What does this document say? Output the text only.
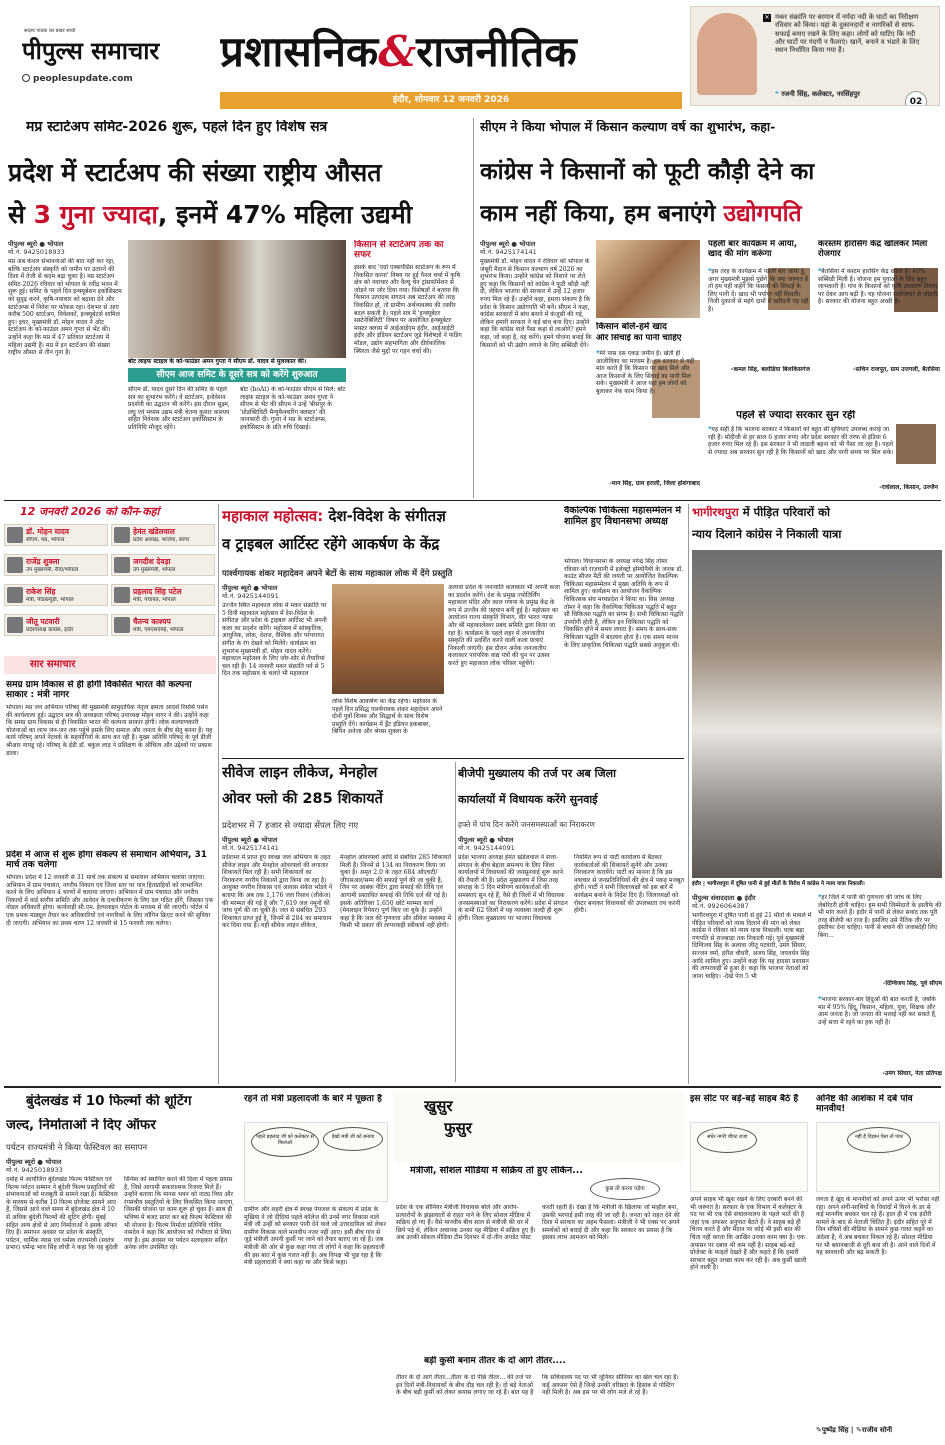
सदस्य पाठक का प्रखर साथी
पीपुल्स समाचार
peoplesupdate.com
प्रशासनिक&राजनीतिक
इंदौर, सोमवार 12 जनवरी 2026
✕ मकर संक्रांति पर बरमान में नर्मदा नदी के घाटों का निरीक्षण रविवार को किया। यहां के दुकानदारों व नागरिकों से साफ-सफाई बनाए रखने के लिए कहा। लोगों को घाटिए कि नदी और घाटों पर गंदगी न फैलाएं। खानें, बनाने व भंडारे के लिए स्थान निर्धारित किया गया है।
❝ रजनी सिंह, कलेक्टर, नरसिंहपुर
02
मप्र स्टार्टअप समिट-2026 शुरू, पहले दिन हुए विशेष सत्र
प्रदेश में स्टार्टअप की संख्या राष्ट्रीय औसत
से 3 गुना ज्यादा, इनमें 47% महिला उद्यमी
पीपुल्स ब्यूरो ● भोपाल
मो.नं. 9425018933
मप्र अब केवल संभावनाओं की बात नहीं कर रहा, बल्कि स्टार्टअप संस्कृति को जमीन पर उतारने की दिशा में तेजी से कदम बढ़ा चुका है। मप्र स्टार्टअप समिट-2026 रविवार को भोपाल के रवींद्र भवन में शुरू हुई। समिट के पहले दिन इन्क्यूबेशन इकोसिस्टम को सुदृढ़ करने, कृषि-नवाचार को बढ़ावा देने और स्टार्टअप्स में निवेश पर फोकस रहा। देशभर से आए करीब 500 स्टार्टअप, निवेशकों, इन्क्यूबेटर्स शामिल हुए। इधर, मुख्यमंत्री डॉ. मोहन यादव ने ओट स्टार्टअप के को-फाउंडर अमन गुप्ता से भेंट की। उन्होंने कहा कि मप्र में 47 प्रतिशत स्टार्टअप में महिला उद्यमी हैं। मप्र में इन स्टार्टअप की संख्या राष्ट्रीय औसत से तीन गुना है।
बोट लाइफ स्टाइल के को-फाउंडर अमन गुप्ता ने सीएम डॉ. यादव से मुलाकात की।
सीएम आज समिट के दूसरे सत्र को करेंगे शुरुआत
सीएम डॉ. यादव दूसरे दिन की समिट के पहले सत्र का शुभारंभ करेंगे। वे स्टार्टअप, इनोवेशन प्रदर्शनी का उद्घाटन भी करेंगे। इस दौरान सूक्ष्म, लघु एवं मध्यम उद्यम मंत्री चेतन्य कुमार काश्यप सहित निवेशक और स्टार्टअप इकोसिस्टम के प्रतिनिधि मौजूद रहेंगे।
बोट (boAt) के को-फाउंडर सीएम से मिले: बोट लाइफ स्टाइल के को-फाउंडर अमन गुप्ता ने सीएम से भेंट की सीएम ने उन्हें 'बीसपुर के 'प्रोडक्टिविटी मैन्युफैक्चरिंग क्लस्टर' की जानकारी दी। गुप्ता ने मप्र के स्टार्टअप्स, इकोसिस्टम के प्रति रुचि दिखाई।
किसान से स्टार्टअप तक का सफर
इसके बाद 'एग्रो एक्सपीडेंस स्टार्टअप के रूप में विकसित करना' विषय पर हुई पैनल चर्चा में कृषि क्षेत्र को नवाचार और वैल्यू चेन ट्रांसफॉर्मेशन से जोड़ने पर जोर दिया गया। विशेषज्ञों ने बताया कि किसान उत्पादक संगठन अब स्टार्टअप की तरह विकसित हो, तो ग्रामीण अर्थव्यवस्था की तस्वीर बदल सकती है। पहले सत्र में 'इन्क्यूबेटर सस्टेनेबिलिटी' विषय पर आयोजित इन्क्यूबेटर मास्टर क्लास में आईआईएम इंदौर, आईआईटी इंदौर और इंडियन स्टार्टअप जुड़े विशेषज्ञों ने फंडिंग मॉडल, उद्योग सहभागिता और दीर्घकालिक स्थिरता जैसे मुद्दों पर गहन चर्चा की।
सीएम ने किया भोपाल में किसान कल्याण वर्ष का शुभारंभ, कहा-
कांग्रेस ने किसानों को फूटी कौड़ी देने का
काम नहीं किया, हम बनाएंगे उद्योगपति
पीपुल्स ब्यूरो ● भोपाल
मो.नं. 9425174141
मुख्यमंत्री डॉ. मोहन यादव ने रविवार को भोपाल के जंबूरी मैदान से किसान कल्याण वर्ष 2026 का शुभारंभ किया। उन्होंने कांग्रेस को निशाने पर लेते हुए कहा कि किसानों को कांग्रेस ने फूटी कौड़ी नहीं दी, लेकिन भाजपा की सरकार में उन्हें 12 हजार रुपए मिल रहे हैं। उन्होंने कहा, हमारा संकल्प है कि प्रदेश के किसान उद्योगपति भी बनें। सीएम ने कहा, कांग्रेस सरकारों में बांध बनाने में कंजूसी की गई, लेकिन हमारी सरकार ने कई बांध बना दिए। उन्होंने कहा कि कांग्रेस वाले पैसा कहां से लाओगे? हमने कहा, जो कहा है, वह करेंगे। हमने योजना बनाई कि किसानों को भी उद्योग लगाने के लिए सब्सिडी देंगे।
किसान बोले-हमें खाद
और सिंचाई का पानी चाहिए
❝मेरे पास दस एकड़ जमीन है। खेती ही आजीविका का माध्यम है। हम सरकार से यही मांग करते हैं कि किसान पर खाद मिले और आज किसानों के लिए सिंचाई का पानी मिल सके। मुख्यमंत्री ने आज यहां हम लोगों को बुलाकर नेक काम किया है।
-मान सिंह, ग्राम हराली, जिला होशंगाबाद
पहली बार कार्यक्रम में आया, खाद की मांग करूंगा
❝इस तरह के कार्यक्रम में पहली बार आया हूं, अगर मुख्यमंत्री मुझसे पूछेंगे कि क्या जरूरत है तो हम यही कहेंगे कि फसलों की सिंचाई के लिए पानी दें। खाद भी पर्याप्त नहीं मिलती। निजी दुकानों से महंगे दामों में खरीदनी पड़ रही है।
-कमल सिंह, बलोडिया बिलकिसगंज
करस्तम हारसिंग केंद्र खोलकर मिला रोजगार
❝बैतसिया में कस्टम हारसिंग केंद्र खोला है। 40% सब्सिडी मिली है। योजना हम युवाओं के लिए बहुत लाभकारी है। गांव के किसानों को कृषि उपकरण किराए पर देकर आय बढ़ी है। यह योजना स्वरोजगार से जोड़ती है। सरकार की योजना बहुत अच्छी है।
-सचिन राजपूत, ग्राम उत्तगली, बैतसिया
पहले से ज्यादा सरकार सुन रही
❝यह सही है कि भाजपा सरकार ने किसानों को बहुत सी सुविधाएं उपलब्ध कराई जा रही हैं। मोदीजी से हर साल 6 हजार रुपए और प्रदेश सरकार की तरफ से इंडिया 6 हजार रुपए मिल रहे हैं। इस सरकार ने भी लाडली बहना को भी पैसा जा रहा है। पहले से ज्यादा अब सरकार सुन रही है कि किसानों को खाद और पानी समय पर मिल सके।
-राधेलाल, किसान, उज्जैन
12 जनवरी 2026 को कौन-कहां
डॉ. मोहन यादव
सीएम, मप्र, भोपाल
हेमंत खंडेलवाल
प्रदेश अध्यक्ष, भाजपा, सागर
राजेंद्र शुक्ला
उप मुख्यमंत्री, रीवा/भोपाल
जगदीश देवड़ा
उप मुख्यमंत्री, भोपाल
राकेश सिंह
मंत्री, पीडब्ल्यूडी, भोपाल
प्रहलाद सिंह पटेल
मंत्री, पंचायत, भोपाल
जीतू पटवारी
प्रदेशाध्यक्ष कांग्रेस, इंदौर
चैतन्य काश्यप
मंत्री, एमएसएमई, भोपाल
सार समाचार
समग्र ग्राम विकास से ही होगी विकसित भारत की कल्पना साकार : मंत्री नागर
भोपाल। मप्र जन अभियान परिषद् की मुख्यमंत्री सामुदायिक नेतृत्व क्षमता आदर्श रिसोर्स पर्सन की कार्यशाला हुई। उद्घाटन सत्र की अध्यक्षता परिषद् उपाध्यक्ष मोहन नागर ने की। उन्होंने कहा कि समग्र ग्राम विकास से ही विकसित भारत की कल्पना साकार होगी। लोक कल्याणकारी योजनाओं का लाभ जन-जन तक पहुंचे इसके लिए समाज और जनता के बीच सेतु बनना है। यह कार्य परिषद् अपने नेटवर्क के सहयोगियों के साथ कर रही है। मुख्य अतिथि परिषद् के पूर्व डीजी श्रीआर नायडू रहे। परिषद् के ईडी डॉ. बकुल लाड़ ने प्रशिक्षण के औचित्य और उद्देश्यों पर प्रकाश डाला।
प्रदेश में आज से शुरू होगा संकल्प से समाधान अभियान, 31 मार्च तक चलेगा
भोपाल। प्रदेश में 12 जनवरी से 31 मार्च तक संकल्प से समाधान अभियान चलाया जाएगा। अभियान में ग्राम पंचायत, नगरीय निकाय एवं जिला स्तर पर पात्र हितग्राहियों को लाभान्वित करने के लिए अभियान 4 चरणों में चलाया जाएगा। अभियान में ग्राम पंचायत और नगरीय निकायों में वार्ड स्तरीय समिति और आवेदन के एकत्रीकरण के लिए दल गठित होंगे, जिसका एक नोडल अधिकारी होगा। कार्यवाही सी.एम. हेल्पलाइन पोर्टल के माध्यम से की जाएगी। पोर्टल में एक प्रथक माड्यूल तैयार कर अधिकारियों एवं नागरिकों के लिए लॉगिन क्रिएट करने की सुविधा दी जाएगी। अभियान का प्रथम चरण 12 जनवरी से 15 फरवरी तक चलेगा।
महाकाल महोत्सव: देश-विदेश के संगीतज्ञ
व ट्राइबल आर्टिस्ट रहेंगे आकर्षण के केंद्र
पार्श्वगायक शंकर महादेवन अपने बेटों के साथ महाकाल लोक में देंगे प्रस्तुति
पीपुल्स ब्यूरो ● भोपाल
मो.नं. 9425144091
उज्जैन स्थित महाकाल लोक में मकर संक्रांति पर 5 दिनी महाकाल महोत्सव में देश-विदेश के संगीतज्ञ और प्रदेश के ट्राइबल आर्टिस्ट भी अपनी कला का प्रदर्शन करेंगे। महोत्सव में सांस्कृतिक, आधुनिक, लोक, देशज, वैश्विक और परंपरागत संगीत के रंग देखने को मिलेंगे। कार्यक्रम का शुभारंभ मुख्यमंत्री डॉ. मोहन यादव करेंगे। महाकाल महोत्सव के लिए जोर-शोर से तैयारियां चल रही हैं। 14 जनवरी मकर संक्रांति पर्व से 5 दिन तक महोत्सव के चलते भी महाकाल
लोक विशेष आकर्षण का केंद्र रहेगा। महोत्सव के पहले दिन प्रसिद्ध पार्श्वगायक शंकर महादेवन अपने दोनों पुत्रों शिवम और सिद्धार्थ के साथ विशेष प्रस्तुति देंगे। कार्यक्रम में ड्रैंट इंडियन इकबाबर, बिपिन अनेजा और श्रेयस शुक्ला के
अलावा प्रदेश के जनजाति कलाकार भी अपनी कला का प्रदर्शन करेंगे। देश के प्रमुख ज्योतिर्लिंग महाकाल मंदिर और काल गणना के प्रमुख केंद्र के रूप में उज्जैन की पहचान बनी हुई है। महोत्सव का आयोजन राज्य संस्कृति विभाग, वीर भारत न्यास और श्री महाकालेश्वर प्रबंध समिति द्वारा किया जा रहा है। कार्यक्रम के पहले शहर में जनजातीय संस्कृति की प्रदर्शित करने वाली कला यात्राएं निकाली जाएंगी। इस दौरान अनेक जनजातीय कलाकार पारंपरिक वाद्य यंत्रों की धुन पर उत्सव करते हुए महाकाल लोक परिसर पहुंचेंगे।
वैकल्पिक चिकित्सा महासम्मेलन में शामिल हुए विधानसभा अध्यक्ष
भोपाल। विधानसभा के अध्यक्ष नरेन्द्र सिंह तोमर रविवार को राजधानी में इलेक्ट्रो होम्योपैथी के जनक डॉ. काउंट सीजर मैटी की जयंती पर आयोजित वैकल्पिक चिकित्सा महासम्मेलन में मुख्य अतिथि के रूप में शामिल हुए। कार्यक्रम का आयोजन वैकल्पिक चिकित्सक संघ मध्यप्रदेश ने किया था। विस अध्यक्ष तोमर ने कहा कि वैकल्पिक चिकित्सा पद्धति में बहुत सी चिकित्सा पद्धति का संगम है। सभी चिकित्सा पद्धति उपयोगी होती है, लेकिन इन चिकित्सा पद्धति को विकसित होने में समय लगता है। समय के साथ-साथ चिकित्सा पद्धति में बदलाव होता है। एक समय मानव के लिए प्राकृतिक चिकित्सा पद्धति सबसे अनुकूल थी।
भागीरथपुरा में पीड़ित परिवारों को
न्याय दिलाने कांग्रेस ने निकाली यात्रा
इंदौर | भागीरथपुरा में दूषित पानी से हुई मौतों के विरोध में कांग्रेस ने न्याय यात्रा निकाली।
पीपुल्स संवाददाता ● इंदौर
मो.नं. 9926064387
भागीरथपुरा में दूषित पानी से हुई 21 मौतों के मामले में पीड़ित परिवारों को न्याय दिलाने की मांग को लेकर कांग्रेस ने रविवार को न्याय यात्रा निकाली। यात्रा बड़ा गणपति से राजबाड़ा तक निकाली गई। पूर्व मुख्यमंत्री दिग्विजय सिंह के अलावा जीतू पटवारी, उमंग सिंघार, सज्जन वर्मा, हरीश चौधरी, अजय सिंह, जयवर्धन सिंह आदि शामिल हुए। उन्होंने कहा कि यह हादसा प्रशासन की लापरवाही से हुआ है। कहा कि भाजपा नेताओं को जाना चाहिए। -देखें पेज 5 भी
❝हर जिले में पानी की गुणवत्ता की जांच के लिए लेबोरेटरी होनी चाहिए। हम सभी जिम्मेदारों के इस्तीफे की भी मांग करते हैं। इंदौर में पानी से लेकर सवाद तक पूरी तरह बीजेपी का राज है। इसलिए उसे नैतिक तौर पर इस्तीफा देना चाहिए। पानी से बचाने की जवाबदेही लिए बिना...
-दिग्विजय सिंह, पूर्व सीएम
❝भाजपा सरकार-बार हिंदुओं की बात करती है, जबकि मप्र में 95% हिंदू, किसान, महिला, युवा, शिक्षक और आम जनता है। जो जनता की भलाई नहीं कर सकते हैं, उन्हें सत्ता में रहने का हक नहीं है।
-उमंग सिंघार, नेता प्रतिपक्ष
सीवेज लाइन लीकेज, मेनहोल
ओवर फ्लो की 285 शिकायतें
प्रदेशभर में 7 हजार से ज्यादा सेंपल लिए गए
पीपुल्स ब्यूरो ● भोपाल
मो.नं. 9425174141
प्रदेशभर में प्राप्त हुए स्वच्छ जल अभियान के तहत सीवेज लाइन और मेनहोल ओवरफ्लो की लगातार शिकायतें मिल रही हैं। सभी शिकायतों का निराकरण नगरीय निकायों द्वारा किया जा रहा है। आयुक्त नगरीय विकास एवं आवास संकेत भोंडवे ने बताया कि अब तक 1,176 जल रिसाव (लीकेज) की मरम्मत की गई है और 7,619 जल नमूनों की जांच पूर्ण की जा चुकी है। जल से संबंधित 293 शिकायत प्राप्त हुई है, जिनमें से 284 का समाधान कर दिया गया है। वहीं सीवेज लाइन लीकेज, मेनहोल ओवरफ्लो आदि से संबंधित 285 शिकायतें मिली हैं। जिनमें से 134 का निराकरण किया जा चुका है। अमृत 2.0 के तहत 684 ओएचटी/जीएसआर/सम्प की सफाई पूर्ण की जा चुकी है, जिन पर आबंक पेंटिंग द्वारा सफाई की तिथि एवं आगामी प्रस्तावित सफाई की तिथि दर्ज की गई है। इसके अतिरिक्त 1,650 छोटे मरम्मत कार्य (मेनलाइन रिपेयर) पूर्ण किए जा चुके हैं। उन्होंने कहा है कि जल की गुणवत्ता और सीवेज व्यवस्था में किसी भी प्रकार की लापरवाही स्वीकार्य नहीं होगी।
बीजेपी मुख्यालय की तर्ज पर अब जिला
कार्यालयों में विधायक करेंगे सुनवाई
हफ्ते में पांच दिन करेंगे जनसमस्याओं का निराकरण
पीपुल्स ब्यूरो ● भोपाल
मो.नं. 9425144091
प्रदेश भाजपा अध्यक्ष हेमंत खंडेलवाल ने सत्ता-संगठन के बीच बेहतर समन्वय के लिए जिला कार्यालयों में विधायकों की जनसुनवाई शुरू करने की तैयारी की है। प्रदेश मुख्यालय में जिस तरह सप्ताह के 5 दिन मंत्रीगण कार्यकर्ताओं की समस्याएं सुन रहे हैं, वैसे ही जिलों में भी विधायक जनसमस्याओं का निराकरण करेंगे। प्रदेश में संगठन के सभी 62 जिलों में यह व्यवस्था जल्दी ही शुरू होगी। जिला मुख्यालय पर भाजपा विधायक नियमित रूप से पार्टी कार्यालय में बैठकर कार्यकर्ताओं की शिकायतें सुनेंगे और उनका निराकरण करायेंगे। पार्टी का मानना है कि इस नवाचार से जनप्रतिनिधियों की क्षेत्र में पकड़ मजबूत होगी। पार्टी ने सभी जिलाध्यक्षों को इस बारे में कार्यक्रम बनाने के निर्देश दिए हैं। जिलाध्यक्षों को रोस्टर बनाकर विधायकों की उपलब्धता तय करनी होगी।
बुंदेलखंड में 10 फिल्मों की शूटिंग
जल्द, निर्माताओं ने दिए ऑफर
पर्यटन राज्यमंत्री ने किया फेस्टिवल का समापन
पीपुल्स ब्यूरो ● भोपाल
मो.नं. 9425018933
दमोह में आयोजित बुंदेलखंड फिल्म फेस्टिवल एवं फिल्म पर्यटन सम्मान ने बुंदेली फिल्म प्रस्तुतियों की संभावनाओं को मजबूती से सामने रखा है। फेस्टिवल के माध्यम से करीब 10 फिल्म प्रोजेक्ट सामने आए हैं, जिससे आने वाले समय में बुंदेलखंड क्षेत्र में 10 से अधिक बुंदेली फिल्मों की शूटिंग होगी। मुंबई सहित अन्य क्षेत्रों से आए निर्माताओं ने इसके ऑफर दिए हैं। समापन अवसर पर प्रदेश के संस्कृति, पर्यटन, धार्मिक न्यास एवं धर्मस्व राज्यमंत्री (स्वतंत्र प्रभार) धर्मेन्द्र भाव सिंह लोधी ने कहा कि यह बुंदेली सिनेमा को स्थापित करने की दिशा में पहला प्रयास है, जिसे आगामी सकारात्मक रिजल्ट मिले हैं। उन्होंने बताया कि मानस भवन को नाट्य विधा और रंगमंचीय प्रस्तुतियों के लिए विकसित किया जाएगा, जिसकी योजना पर काम शुरू हो चुका है। साथ ही भविष्य में बजट प्राप्त कर बड़े फिल्म फेस्टिवल की भी योजना है। फिल्म निर्माता प्रतिनिधि गोविंद नामदेव ने कहा कि आयोजन को गंभीरता से लिया गया है। इस अवसर पर पर्यटन सलाहकार सहित अनेक लोग उपस्थित रहे।
रहने तो मंत्री प्रहलादजी के बारे में पूछता है
पहले प्रहलाद जी को कलेक्टर से मिलाओ
देखो मंत्री जी को बनाया
ग्रामीण और शहरी क्षेत्र में स्वच्छ पेयजल के संकल्प में प्रदेश के मुखिया ने जो दीदियां पहले कॉलेज की उनमें नगर विकास वाले मंत्री जी उन्हीं को सरकार पानी देने वाले जो उत्तरदायित्व को लेकर ग्रामीण विकास वाले मानवीय नजर नहीं आए। इसी बीच गांव से जुड़े मंत्रीजी अपनी कुर्सी पर जाने को तैयार बताए जा रहे हैं। जब मंत्रीजी की ओर से कुछ कहा गया तो लोगों ने कहा कि प्रहलादजी की इस बात में कुछ गलत नहीं है। अब विपक्ष भी पूछ रहा है कि मंत्री प्रहलादजी ने क्या कहा था और किसे कहा।
खुसुर
फुसुर
मंत्रीजी, सोशल मीडिया में सक्रिय तो हुए लेकिन...
कुछ तो करना पड़ेगा
प्रदेश के एक सीनियर मंत्रीजी विधायक बोले और आरोप-प्रत्यारोपों के झंझावातों से राहत पाने के लिए सोशल मीडिया में सक्रिय हो गए हैं। वैसे मानवीय बीच साल से मंत्रीजी की घर में छिपे पड़े थे, लेकिन अचानक उनका यह मीडिया में सक्रिय हुए हैं। अब उनकी सोशल मीडिया टीम दिनभर में दो-तीन अपडेट पोस्ट करती रहती है। देखा है कि मंत्रीजी के खिलाफ जो माहौल बना, उसकी भरपाई इसी तरह की जा रही है। जनता को राहत देने की दिशा में सरकार का अहम फैसला। मंत्रीजी ने भी एक्स पर अपने समर्थकों को बधाई दी और कहा कि सरकार का प्रयास है कि इसका लाभ आमजन को मिले।
बड़ी कुर्सी बनाम तीतर के दो आगे तीतर....
तीतर के दो आगे तीतर...तीतर के दो पीछे तीतर... की तर्ज पर इन दिनों मंत्री-विधायकों के बीच दौड़ चल रही है। दो बड़े नेताओं के बीच बड़ी कुर्सी को लेकर कयास लगाए जा रहे हैं। बात यह है कि सचिवालय पद पर भी जूनियर सीनियर का खेल चल रहा है। कई अफसर ऐसे हैं जिन्हें उनकी वरिष्ठता के हिसाब से पोस्टिंग नहीं मिली है। अब इस पर भी लोग मजे ले रहे हैं।
इस सीट पर बड़े-बड़े साहब बैठे हैं
अंधेर नगरी चौपट राजा
अपने साहब भी खुश रखने के लिए दरबारी बनने की भी जरूरत है। सरकार के एक विभाग में कलेक्टर के पद पर भी एक ऐसे संचालनालय के पहले भार्ते की है जहां एक अफसर अनुपात बैठते हैं। वे साहब बड़े ही चिंतन करते हैं और मैदान पर कोई भी इसी बात की चिंता नहीं करता कि आखिर उनका काम क्या है। एक अफसर पर दबाव भी कम नहीं है। साहब बड़े-बड़े प्रोजेक्ट के फाइलें देखते हैं और कहते हैं कि हमारी सरकार बहुत अच्छा काम कर रही है। अब कुर्सी खाली होने वाली है।
अनिष्ट की आशंका में दबे पांव मानवीय!
नहीं है विज्ञान ऐसा तो प्यार
लगता है खुद के माननीयों को अपने ऊपर भी भरोसा नहीं रहा। अपने संगी-साथियों के विवादों में घिरने के डर से कई माननीय बचकर चल रहे हैं। हाल ही में एक इंदौरी मामले के बाद से नेताजी चिंतित हैं। इंदौर सहित पूरे में जिन मंत्रियों की मीडिया के सामने कुछ गलत कहने का अंदेशा है, वे अब बचकर निकल रहे हैं। सोशल मीडिया पर भी बयानबाजी से दूरी बना ली है। आने वाले दिनों में यह सावधानी और बढ़ सकती है।
✎पुष्पेंद्र सिंह | ✎राजीव सोनी
